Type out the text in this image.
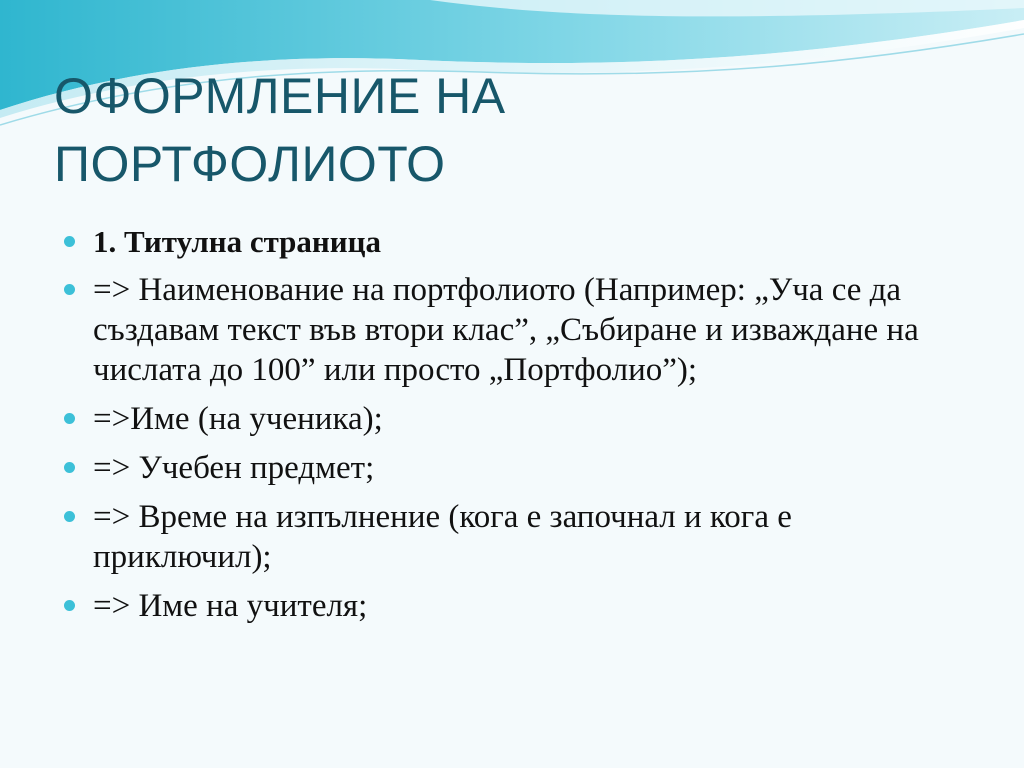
ОФОРМЛЕНИЕ НА
ПОРТФОЛИОТО
1. Титулна страница
=> Наименование на портфолиото (Например: „Уча се да създавам текст във втори клас”, „Събиране и изваждане на числата до 100” или просто „Портфолио”);
=>Име (на ученика);
=> Учебен предмет;
=> Време на изпълнение (кога е започнал и кога е приключил);
=> Име на учителя;
